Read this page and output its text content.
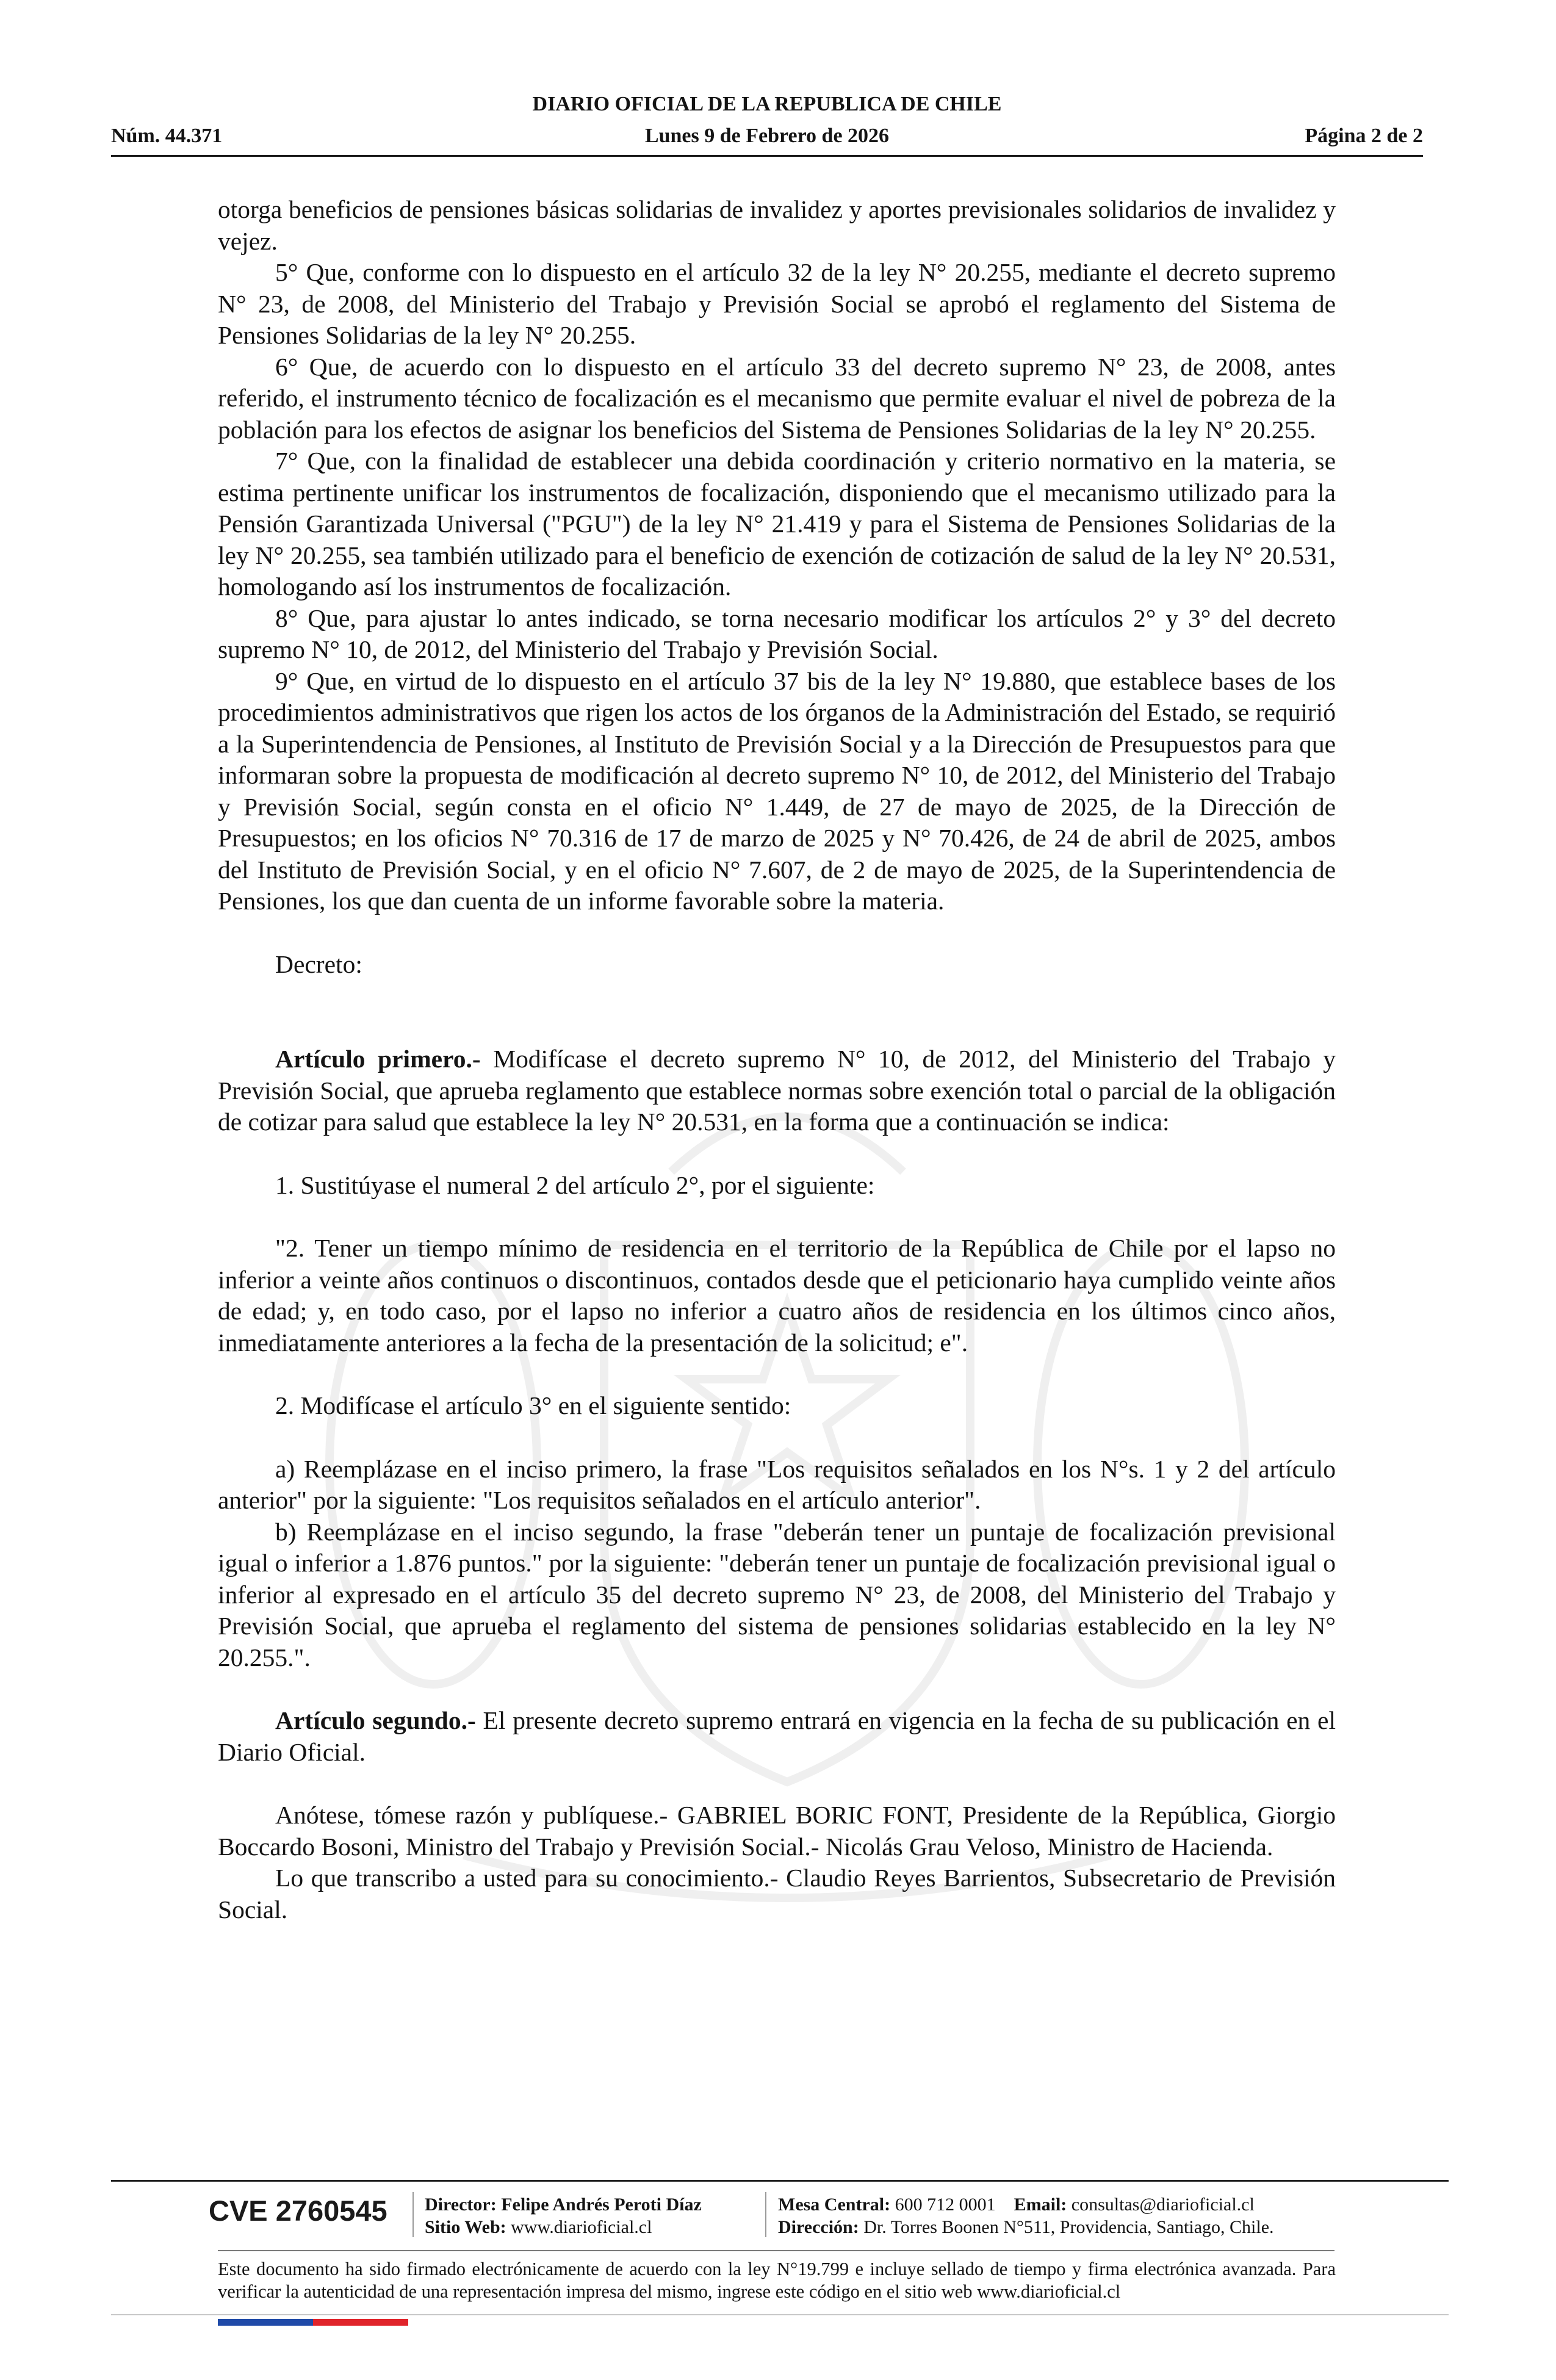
Núm. 44.371
DIARIO OFICIAL DE LA REPUBLICA DE CHILE
Lunes 9 de Febrero de 2026	Página 2 de 2

otorga beneficios de pensiones básicas solidarias de invalidez y aportes previsionales solidarios de invalidez y vejez.

5° Que, conforme con lo dispuesto en el artículo 32 de la ley N° 20.255, mediante el decreto supremo N° 23, de 2008, del Ministerio del Trabajo y Previsión Social se aprobó el reglamento del Sistema de Pensiones Solidarias de la ley N° 20.255.

6° Que, de acuerdo con lo dispuesto en el artículo 33 del decreto supremo N° 23, de 2008, antes referido, el instrumento técnico de focalización es el mecanismo que permite evaluar el nivel de pobreza de la población para los efectos de asignar los beneficios del Sistema de Pensiones Solidarias de la ley N° 20.255.

7° Que, con la finalidad de establecer una debida coordinación y criterio normativo en la materia, se estima pertinente unificar los instrumentos de focalización, disponiendo que el mecanismo utilizado para la Pensión Garantizada Universal ("PGU") de la ley N° 21.419 y para el Sistema de Pensiones Solidarias de la ley N° 20.255, sea también utilizado para el beneficio de exención de cotización de salud de la ley N° 20.531, homologando así los instrumentos de focalización.

8° Que, para ajustar lo antes indicado, se torna necesario modificar los artículos 2° y 3° del decreto supremo N° 10, de 2012, del Ministerio del Trabajo y Previsión Social.

9° Que, en virtud de lo dispuesto en el artículo 37 bis de la ley N° 19.880, que establece bases de los procedimientos administrativos que rigen los actos de los órganos de la Administración del Estado, se requirió a la Superintendencia de Pensiones, al Instituto de Previsión Social y a la Dirección de Presupuestos para que informaran sobre la propuesta de modificación al decreto supremo N° 10, de 2012, del Ministerio del Trabajo y Previsión Social, según consta en el oficio N° 1.449, de 27 de mayo de 2025, de la Dirección de Presupuestos; en los oficios N° 70.316 de 17 de marzo de 2025 y N° 70.426, de 24 de abril de 2025, ambos del Instituto de Previsión Social, y en el oficio N° 7.607, de 2 de mayo de 2025, de la Superintendencia de Pensiones, los que dan cuenta de un informe favorable sobre la materia.

Decreto:

Artículo primero.- Modifícase el decreto supremo N° 10, de 2012, del Ministerio del Trabajo y Previsión Social, que aprueba reglamento que establece normas sobre exención total o parcial de la obligación de cotizar para salud que establece la ley N° 20.531, en la forma que a continuación se indica:

1. Sustitúyase el numeral 2 del artículo 2°, por el siguiente:

"2. Tener un tiempo mínimo de residencia en el territorio de la República de Chile por el lapso no inferior a veinte años continuos o discontinuos, contados desde que el peticionario haya cumplido veinte años de edad; y, en todo caso, por el lapso no inferior a cuatro años de residencia en los últimos cinco años, inmediatamente anteriores a la fecha de la presentación de la solicitud; e".

2. Modifícase el artículo 3° en el siguiente sentido:

a) Reemplázase en el inciso primero, la frase "Los requisitos señalados en los N°s. 1 y 2 del artículo anterior" por la siguiente: "Los requisitos señalados en el artículo anterior".

b) Reemplázase en el inciso segundo, la frase "deberán tener un puntaje de focalización previsional igual o inferior a 1.876 puntos." por la siguiente: "deberán tener un puntaje de focalización previsional igual o inferior al expresado en el artículo 35 del decreto supremo N° 23, de 2008, del Ministerio del Trabajo y Previsión Social, que aprueba el reglamento del sistema de pensiones solidarias establecido en la ley N° 20.255.".

Artículo segundo.- El presente decreto supremo entrará en vigencia en la fecha de su publicación en el Diario Oficial.

Anótese, tómese razón y publíquese.- GABRIEL BORIC FONT, Presidente de la República, Giorgio Boccardo Bosoni, Ministro del Trabajo y Previsión Social.- Nicolás Grau Veloso, Ministro de Hacienda.

Lo que transcribo a usted para su conocimiento.- Claudio Reyes Barrientos, Subsecretario de Previsión Social.

CVE 2760545 Director: Felipe Andrés Peroti Díaz
Sitio Web: www.diarioficial.cl
Mesa Central: 600 712 0001 Email: consultas@diarioficial.cl
Dirección: Dr. Torres Boonen N°511, Providencia, Santiago, Chile.
Este documento ha sido firmado electrónicamente de acuerdo con la ley N°19.799 e incluye sellado de tiempo y firma electrónica avanzada. Para verificar la autenticidad de una representación impresa del mismo, ingrese este código en el sitio web www.diarioficial.cl
